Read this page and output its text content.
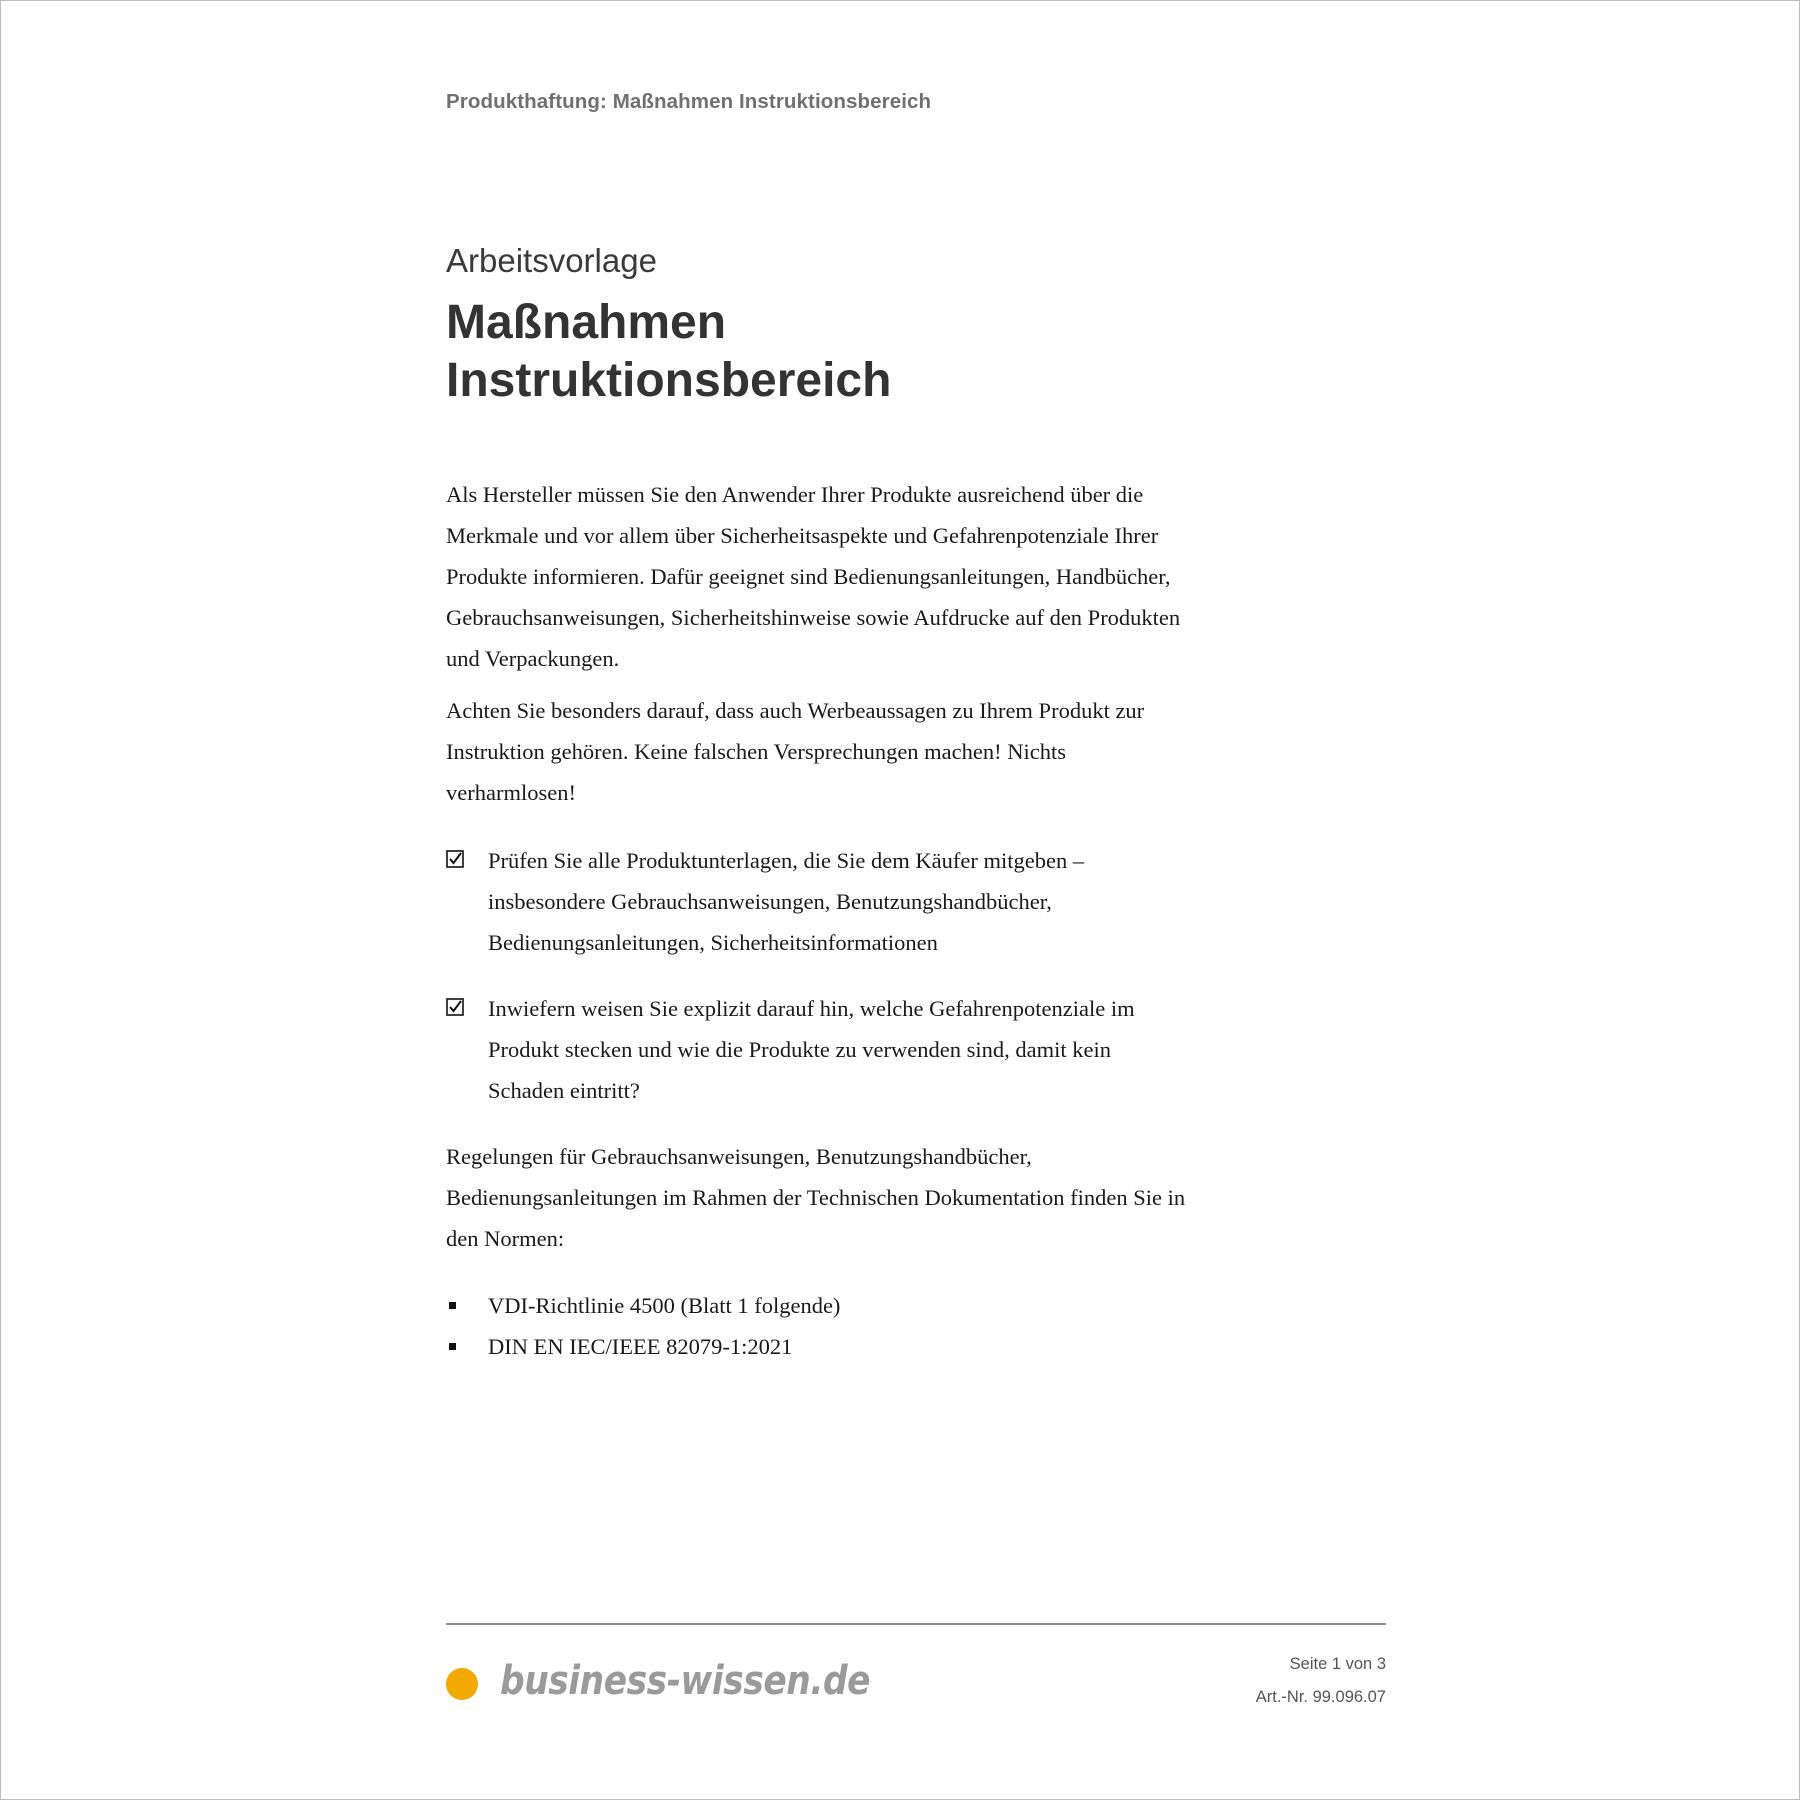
Produkthaftung: Maßnahmen Instruktionsbereich
Arbeitsvorlage
Maßnahmen
Instruktionsbereich

Als Hersteller müssen Sie den Anwender Ihrer Produkte ausreichend über die Merkmale und vor allem über Sicherheitsaspekte und Gefahrenpotenziale Ihrer Produkte informieren. Dafür geeignet sind Bedienungsanleitungen, Handbücher, Gebrauchsanweisungen, Sicherheitshinweise sowie Aufdrucke auf den Produkten und Verpackungen.

Achten Sie besonders darauf, dass auch Werbeaussagen zu Ihrem Produkt zur Instruktion gehören. Keine falschen Versprechungen machen! Nichts verharmlosen!

Prüfen Sie alle Produktunterlagen, die Sie dem Käufer mitgeben – insbesondere Gebrauchsanweisungen, Benutzungshandbücher, Bedienungsanleitungen, Sicherheitsinformationen
Inwiefern weisen Sie explizit darauf hin, welche Gefahrenpotenziale im Produkt stecken und wie die Produkte zu verwenden sind, damit kein Schaden eintritt?

Regelungen für Gebrauchsanweisungen, Benutzungshandbücher, Bedienungsanleitungen im Rahmen der Technischen Dokumentation finden Sie in den Normen:

VDI-Richtlinie 4500 (Blatt 1 folgende)
DIN EN IEC/IEEE 82079-1:2021
business-wissen.de	Seite 1 von 3
Art.-Nr. 99.096.07
